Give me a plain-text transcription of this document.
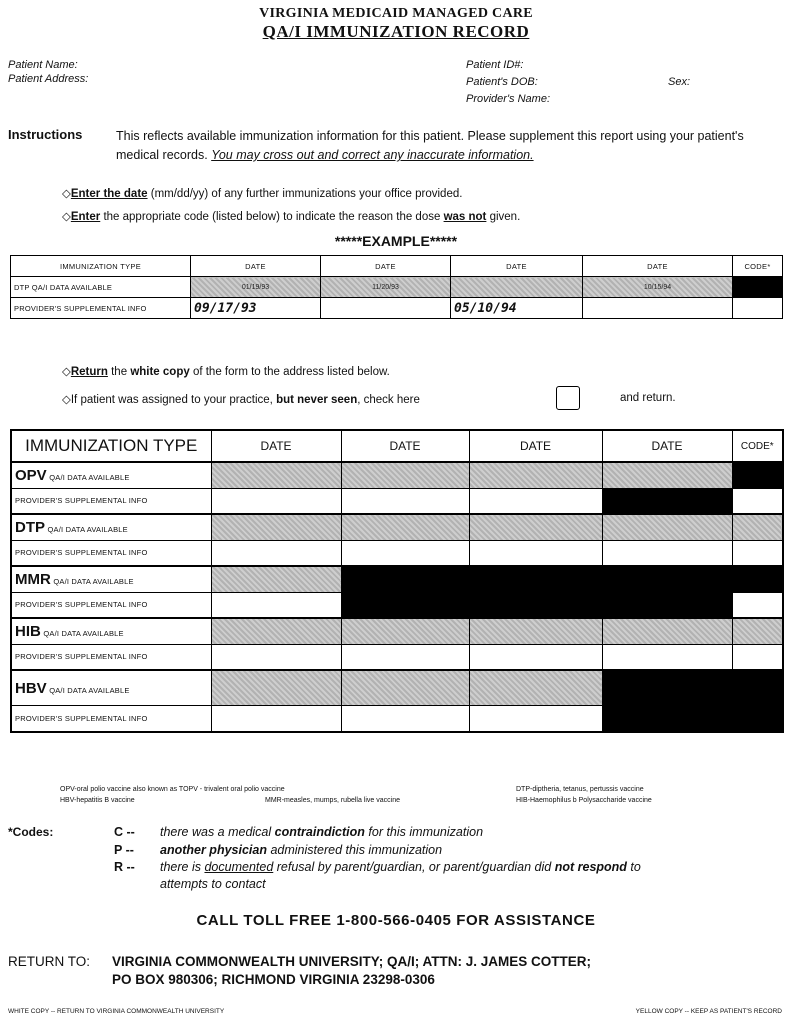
VIRGINIA MEDICAID MANAGED CARE
QA/I IMMUNIZATION RECORD
Patient Name:
Patient Address:
Patient ID#:
Patient's DOB:	Sex:
Provider's Name:
Instructions	This reflects available immunization information for this patient. Please supplement this report using your patient's medical records. You may cross out and correct any inaccurate information.
◇Enter the date (mm/dd/yy) of any further immunizations your office provided.
◇Enter the appropriate code (listed below) to indicate the reason the dose was not given.
*****EXAMPLE*****
IMMUNIZATION TYPE	DATE	DATE	DATE	DATE	CODE*
DTP QA/I DATA AVAILABLE	01/19/93	11/20/93		10/15/94	
PROVIDER'S SUPPLEMENTAL INFO	09/17/93		05/10/94		
◇Return the white copy of the form to the address listed below.
◇If patient was assigned to your practice, but never seen, check here	and return.
IMMUNIZATION TYPE	DATE	DATE	DATE	DATE	CODE*
OPV QA/I DATA AVAILABLE					
PROVIDER'S SUPPLEMENTAL INFO					
DTP QA/I DATA AVAILABLE					
PROVIDER'S SUPPLEMENTAL INFO					
MMR QA/I DATA AVAILABLE					
PROVIDER'S SUPPLEMENTAL INFO					
HIB QA/I DATA AVAILABLE					
PROVIDER'S SUPPLEMENTAL INFO					
HBV QA/I DATA AVAILABLE					
PROVIDER'S SUPPLEMENTAL INFO					
OPV-oral polio vaccine also known as TOPV - trivalent oral polio vaccine
HBV-hepatitis B vaccine	MMR-measles, mumps, rubella live vaccine
DTP-diptheria, tetanus, pertussis vaccine
HIB-Haemophilus b Polysaccharide vaccine
*Codes:	C -- there was a medical contraindiction for this immunization
P -- another physician administered this immunization
R -- there is documented refusal by parent/guardian, or parent/guardian did not respond to
attempts to contact
CALL TOLL FREE 1-800-566-0405 FOR ASSISTANCE
RETURN TO: VIRGINIA COMMONWEALTH UNIVERSITY; QA/I; ATTN: J. JAMES COTTER;
PO BOX 980306; RICHMOND VIRGINIA 23298-0306
WHITE COPY -- RETURN TO VIRGINIA COMMONWEALTH UNIVERSITY	YELLOW COPY -- KEEP AS PATIENT'S RECORD
